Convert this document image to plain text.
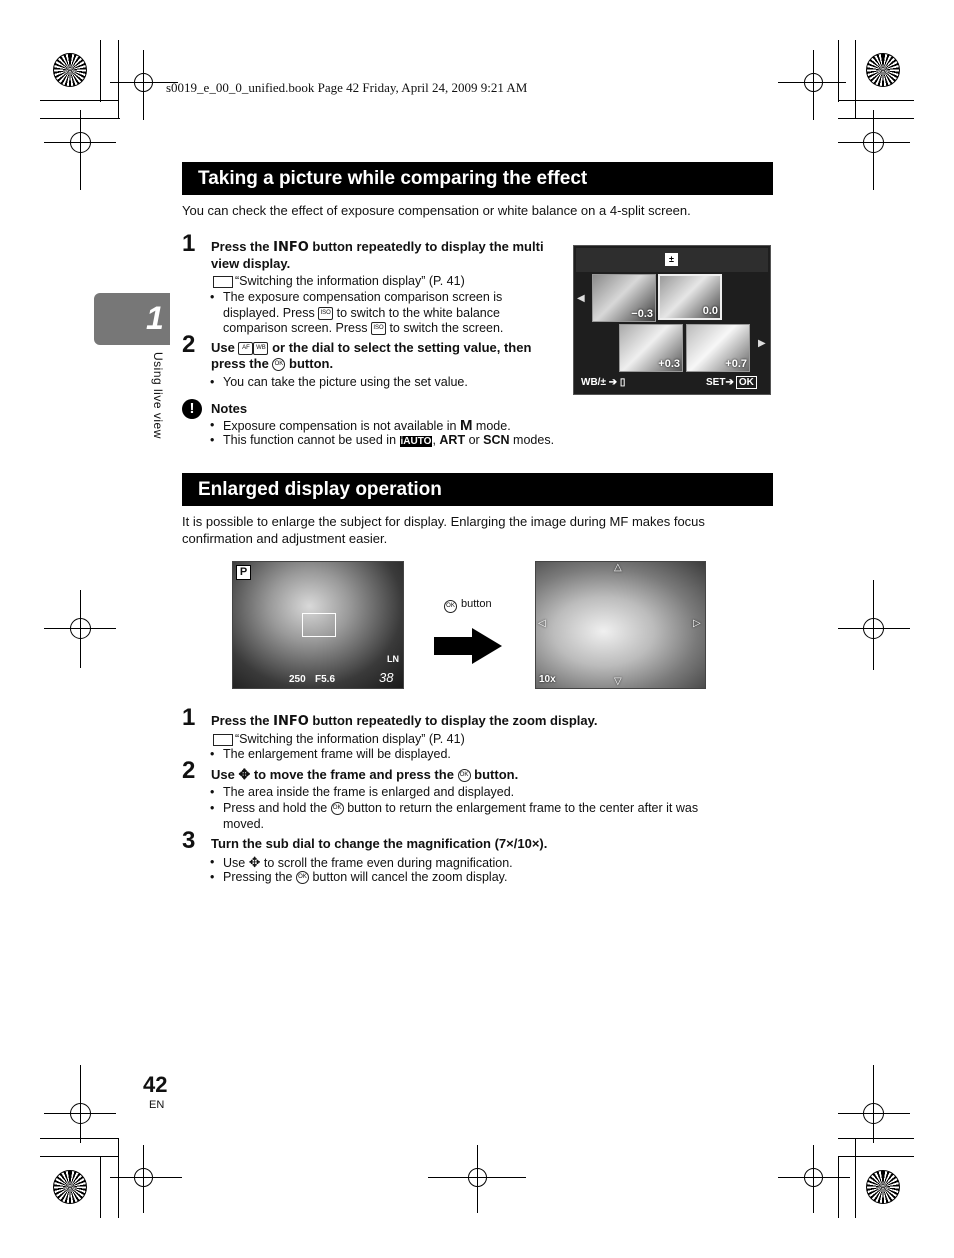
s0019_e_00_0_unified.book Page 42 Friday, April 24, 2009 9:21 AM
1
Using live view
Taking a picture while comparing the effect
You can check the effect of exposure compensation or white balance on a 4-split screen.
1 Press the INFO button repeatedly to display the multi view display.
“Switching the information display” (P. 41)
• The exposure compensation comparison screen is
displayed. Press ISO to switch to the white balance
comparison screen. Press ISO to switch the screen.
2 Use AF WB or the dial to select the setting value, then
press the OK button.
• You can take the picture using the set value.
!	Notes
• Exposure compensation is not available in M mode.
• This function cannot be used in iAUTO, ART or SCN modes.
±
◀
▶
−0.3	0.0
+0.3	+0.7
WB/± ➔ ▯	SET➔ OK
Enlarged display operation
It is possible to enlarge the subject for display. Enlarging the image during MF makes focus
confirmation and adjustment easier.
P
LN
250 F5.6	38
OK button
△
▽
◁	▷
10x
1 Press the INFO button repeatedly to display the zoom display.
“Switching the information display” (P. 41)
• The enlargement frame will be displayed.
2 Use ✥ to move the frame and press the OK button.
• The area inside the frame is enlarged and displayed.
• Press and hold the OK button to return the enlargement frame to the center after it was
moved.
3 Turn the sub dial to change the magnification (7×/10×).
• Use ✥ to scroll the frame even during magnification.
• Pressing the OK button will cancel the zoom display.
42
EN
